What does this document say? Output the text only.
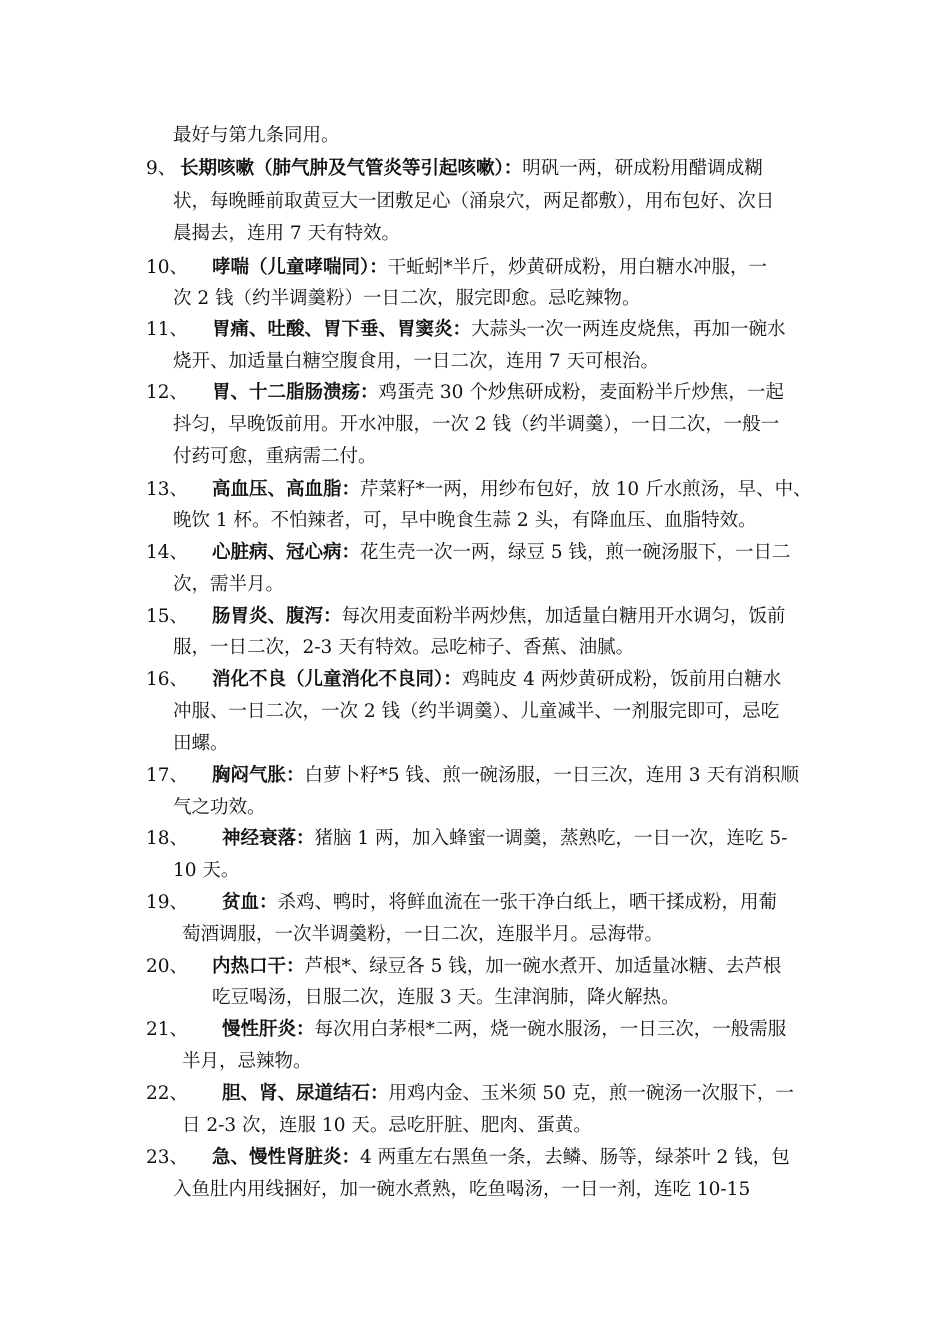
最好与第九条同用。
9、 长期咳嗽（肺气肿及气管炎等引起咳嗽）：明矾一两，研成粉用醋调成糊
状，每晚睡前取黄豆大一团敷足心（涌泉穴，两足都敷），用布包好、次日
晨揭去，连用 7 天有特效。
10、 哮喘（儿童哮喘同）：干蚯蚓*半斤，炒黄研成粉，用白糖水冲服，一
次 2 钱（约半调羹粉）一日二次，服完即愈。忌吃辣物。
11、 胃痛、吐酸、胃下垂、胃窦炎：大蒜头一次一两连皮烧焦，再加一碗水
烧开、加适量白糖空腹食用，一日二次，连用 7 天可根治。
12、 胃、十二脂肠溃疡：鸡蛋壳 30 个炒焦研成粉，麦面粉半斤炒焦，一起
抖匀，早晚饭前用。开水冲服，一次 2 钱（约半调羹），一日二次，一般一
付药可愈，重病需二付。
13、 高血压、高血脂：芹菜籽*一两，用纱布包好，放 10 斤水煎汤，早、中、
晚饮 1 杯。不怕辣者，可，早中晚食生蒜 2 头，有降血压、血脂特效。
14、 心脏病、冠心病：花生壳一次一两，绿豆 5 钱，煎一碗汤服下，一日二
次，需半月。
15、 肠胃炎、腹泻：每次用麦面粉半两炒焦，加适量白糖用开水调匀，饭前
服，一日二次，2-3 天有特效。忌吃柿子、香蕉、油腻。
16、 消化不良（儿童消化不良同）：鸡盹皮 4 两炒黄研成粉，饭前用白糖水
冲服、一日二次，一次 2 钱（约半调羹）、儿童减半、一剂服完即可，忌吃
田螺。
17、 胸闷气胀：白萝卜籽*5 钱、煎一碗汤服，一日三次，连用 3 天有消积顺
气之功效。
18、 神经衰落：猪脑 1 两，加入蜂蜜一调羹，蒸熟吃，一日一次，连吃 5-
10 天。
19、 贫血：杀鸡、鸭时，将鲜血流在一张干净白纸上，晒干揉成粉，用葡
萄酒调服，一次半调羹粉，一日二次，连服半月。忌海带。
20、 内热口干：芦根*、绿豆各 5 钱，加一碗水煮开、加适量冰糖、去芦根
吃豆喝汤，日服二次，连服 3 天。生津润肺，降火解热。
21、 慢性肝炎：每次用白茅根*二两，烧一碗水服汤，一日三次，一般需服
半月，忌辣物。
22、 胆、肾、尿道结石：用鸡内金、玉米须 50 克，煎一碗汤一次服下，一
日 2-3 次，连服 10 天。忌吃肝脏、肥肉、蛋黄。
23、 急、慢性肾脏炎：4 两重左右黑鱼一条，去鳞、肠等，绿茶叶 2 钱，包
入鱼肚内用线捆好，加一碗水煮熟，吃鱼喝汤，一日一剂，连吃 10-15
